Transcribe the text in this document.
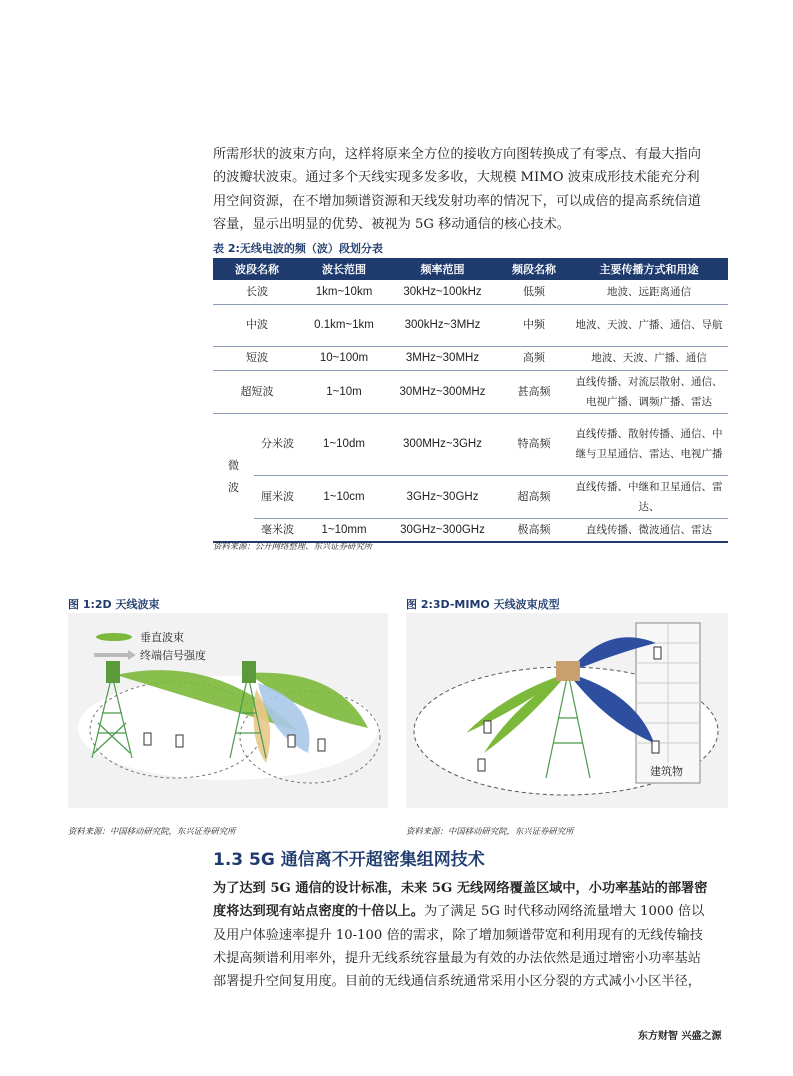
所需形状的波束方向，这样将原来全方位的接收方向图转换成了有零点、有最大指向
的波瓣状波束。通过多个天线实现多发多收，大规模 MIMO 波束成形技术能充分利
用空间资源，在不增加频谱资源和天线发射功率的情况下，可以成倍的提高系统信道
容量，显示出明显的优势、被视为 5G 移动通信的核心技术。
表 2:无线电波的频（波）段划分表
波段名称		波长范围	频率范围	频段名称	主要传播方式和用途
长波		1km~10km	30kHz~100kHz	低频	地波、远距离通信
中波		0.1km~1km	300kHz~3MHz	中频	地波、天波、广播、通信、导航
短波		10~100m	3MHz~30MHz	高频	地波、天波、广播、通信
超短波		1~10m	30MHz~300MHz	甚高频	直线传播、对流层散射、通信、电视广播、调频广播、雷达
微波	分米波	1~10dm	300MHz~3GHz	特高频	直线传播、散射传播、通信、中继与卫星通信、雷达、电视广播
	厘米波	1~10cm	3GHz~30GHz	超高频	直线传播、中继和卫星通信、雷达、
	毫米波	1~10mm	30GHz~300GHz	极高频	直线传播、微波通信、雷达
资料来源：公开网络整理、东兴证券研究所
图 1:2D 天线波束	图 2:3D-MIMO 天线波束成型
垂直波束
终端信号强度
建筑物
资料来源：中国移动研究院，东兴证券研究所	资料来源：中国移动研究院，东兴证券研究所
1.3 5G 通信离不开超密集组网技术
为了达到 5G 通信的设计标准，未来 5G 无线网络覆盖区域中，小功率基站的部署密
度将达到现有站点密度的十倍以上。为了满足 5G 时代移动网络流量增大 1000 倍以
及用户体验速率提升 10-100 倍的需求，除了增加频谱带宽和利用现有的无线传输技
术提高频谱利用率外，提升无线系统容量最为有效的办法依然是通过增密小功率基站
部署提升空间复用度。目前的无线通信系统通常采用小区分裂的方式减小小区半径，
东方财智 兴盛之源
